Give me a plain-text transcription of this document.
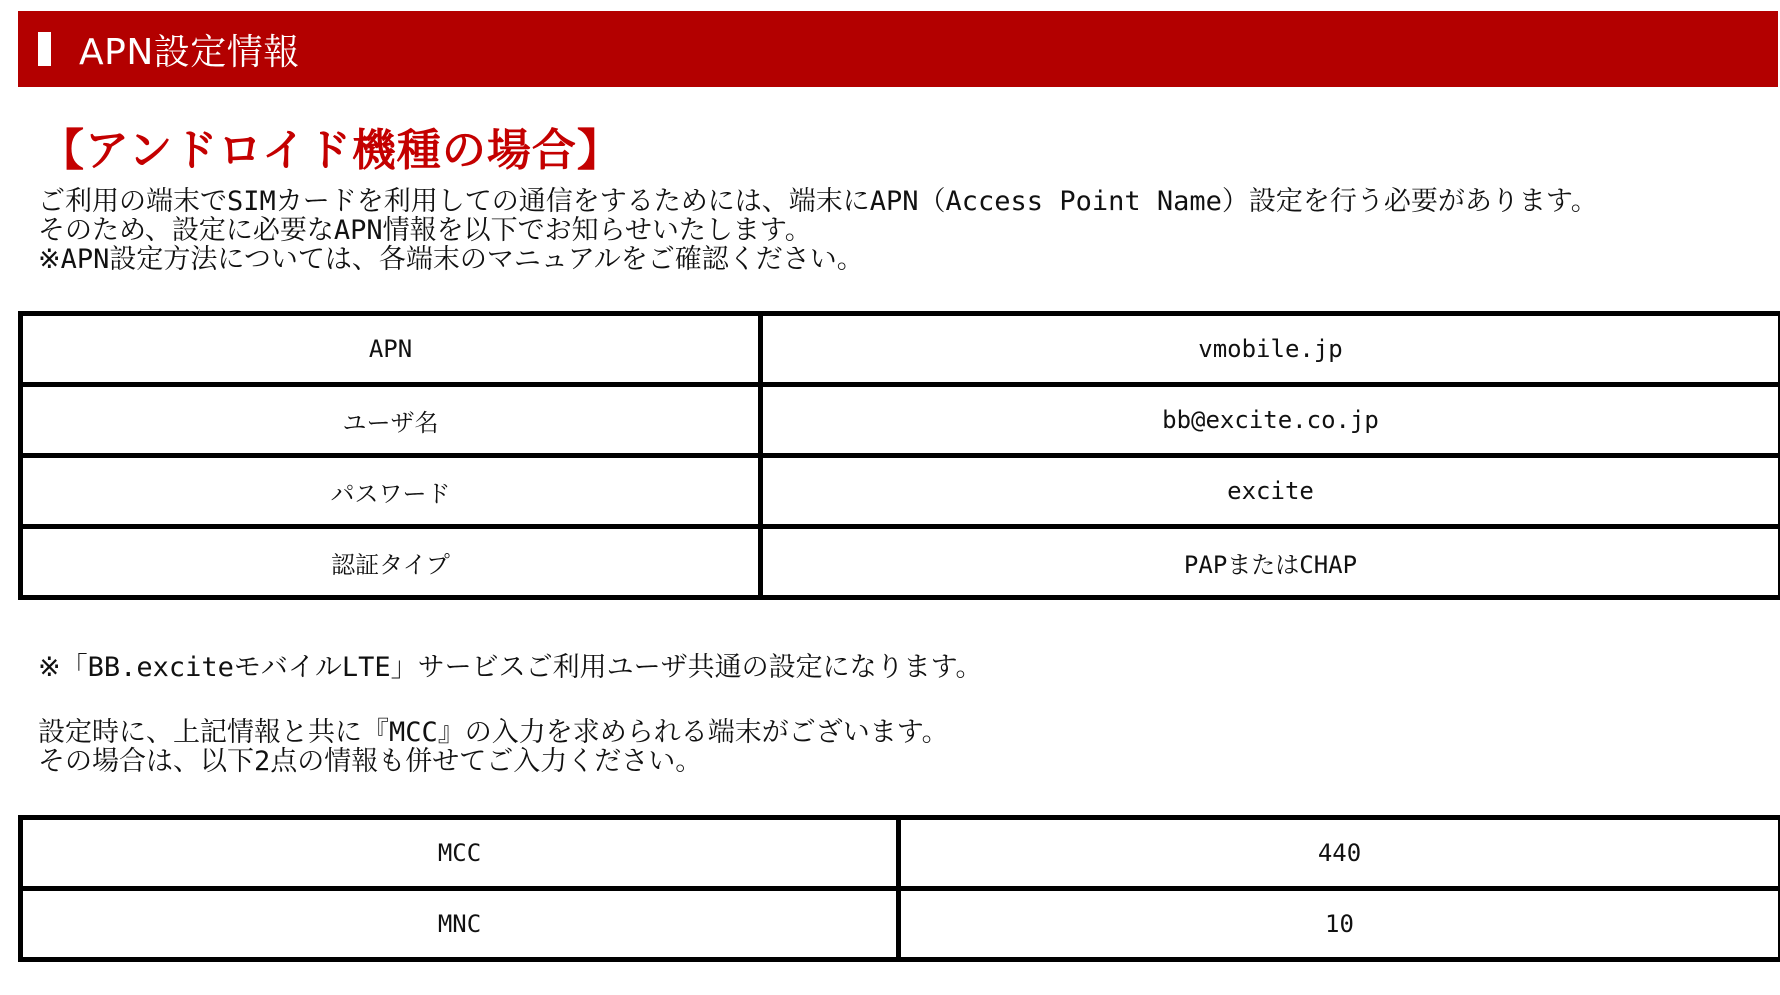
APN設定情報
【アンドロイド機種の場合】
ご利用の端末でSIMカードを利用しての通信をするためには、端末にAPN（Access Point Name）設定を行う必要があります。
そのため、設定に必要なAPN情報を以下でお知らせいたします。
※APN設定方法については、各端末のマニュアルをご確認ください。
APN	vmobile.jp
ユーザ名	bb@excite.co.jp
パスワード	excite
認証タイプ	PAPまたはCHAP
※「BB.exciteモバイルLTE」サービスご利用ユーザ共通の設定になります。
設定時に、上記情報と共に『MCC』の入力を求められる端末がございます。
その場合は、以下2点の情報も併せてご入力ください。
MCC	440
MNC	10
